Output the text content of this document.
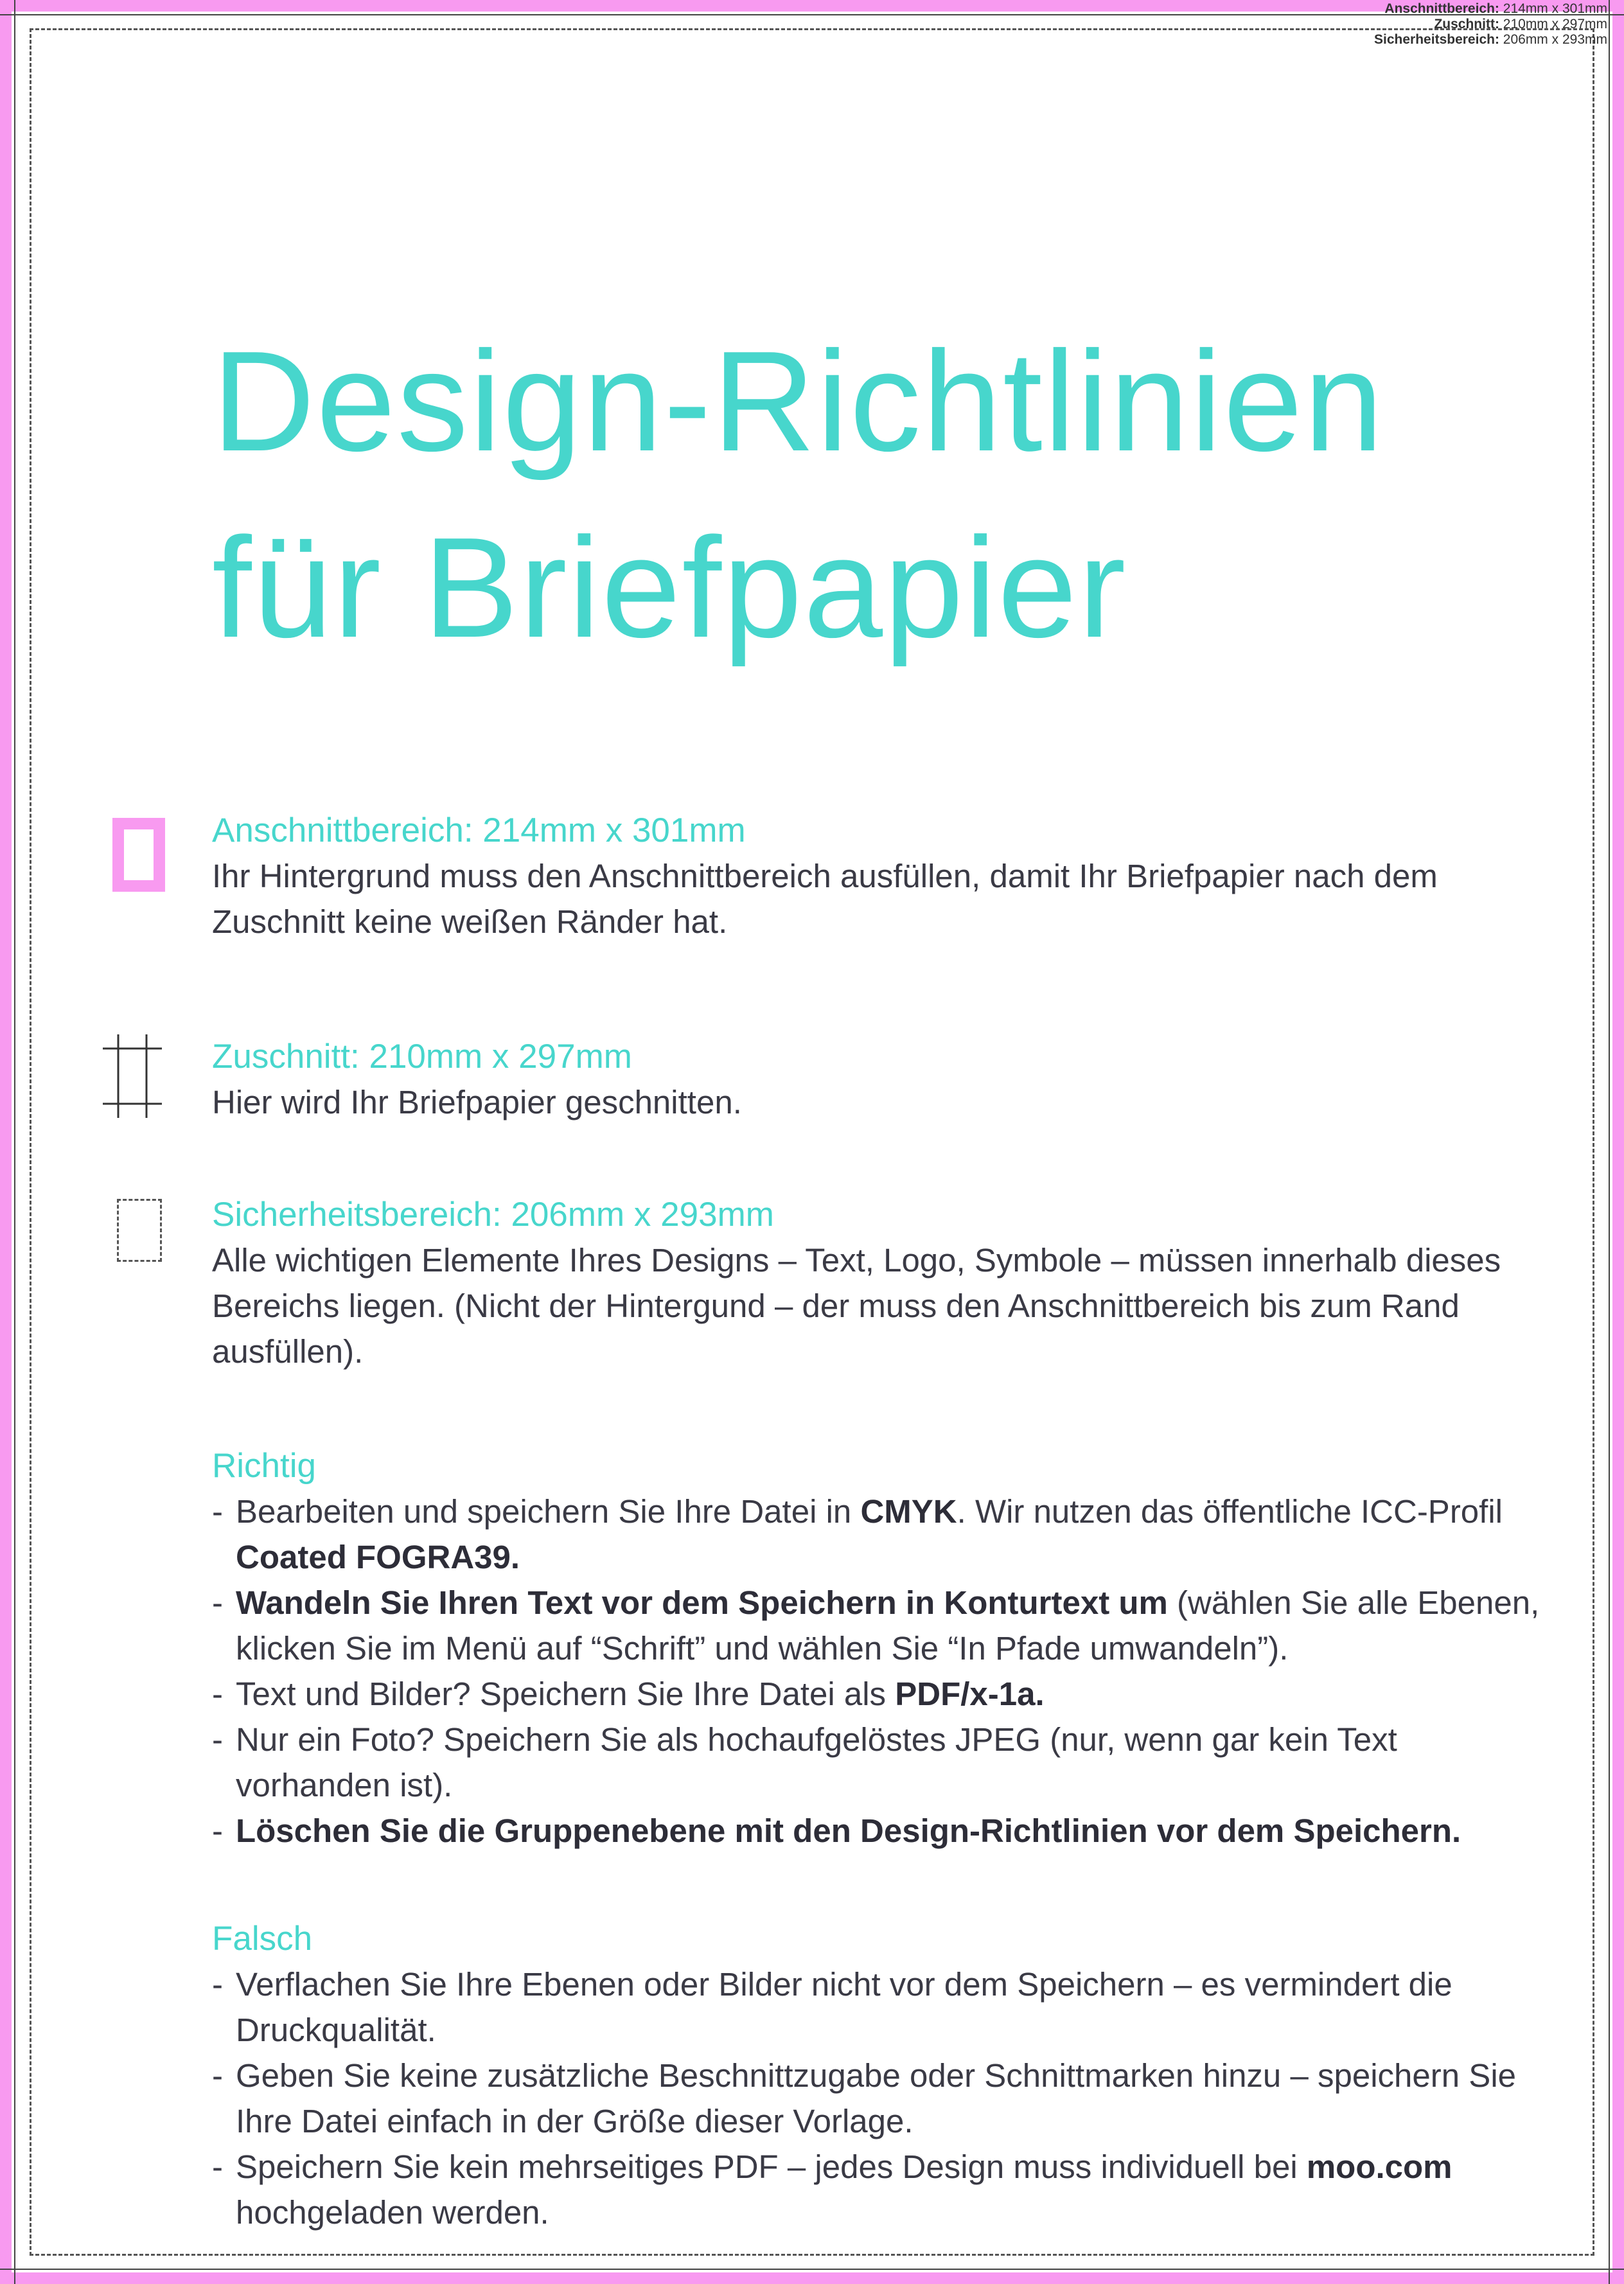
Anschnittbereich: 214mm x 301mm
Zuschnitt: 210mm x 297mm
Sicherheitsbereich: 206mm x 293mm
Design-Richtlinien
für Briefpapier
Anschnittbereich: 214mm x 301mm
Ihr Hintergrund muss den Anschnittbereich ausfüllen, damit Ihr Briefpapier nach dem Zuschnitt keine weißen Ränder hat.
Zuschnitt: 210mm x 297mm
Hier wird Ihr Briefpapier geschnitten.
Sicherheitsbereich: 206mm x 293mm
Alle wichtigen Elemente Ihres Designs – Text, Logo, Symbole – müssen innerhalb dieses Bereichs liegen. (Nicht der Hintergund – der muss den Anschnittbereich bis zum Rand ausfüllen).
Richtig
- Bearbeiten und speichern Sie Ihre Datei in CMYK. Wir nutzen das öffentliche ICC-Profil Coated FOGRA39.
- Wandeln Sie Ihren Text vor dem Speichern in Konturtext um (wählen Sie alle Ebenen, klicken Sie im Menü auf “Schrift” und wählen Sie “In Pfade umwandeln”).
- Text und Bilder? Speichern Sie Ihre Datei als PDF/x-1a.
- Nur ein Foto? Speichern Sie als hochaufgelöstes JPEG (nur, wenn gar kein Text vorhanden ist).
- Löschen Sie die Gruppenebene mit den Design-Richtlinien vor dem Speichern.
Falsch
- Verflachen Sie Ihre Ebenen oder Bilder nicht vor dem Speichern – es vermindert die Druckqualität.
- Geben Sie keine zusätzliche Beschnittzugabe oder Schnittmarken hinzu – speichern Sie Ihre Datei einfach in der Größe dieser Vorlage.
- Speichern Sie kein mehrseitiges PDF – jedes Design muss individuell bei moo.com hochgeladen werden.
